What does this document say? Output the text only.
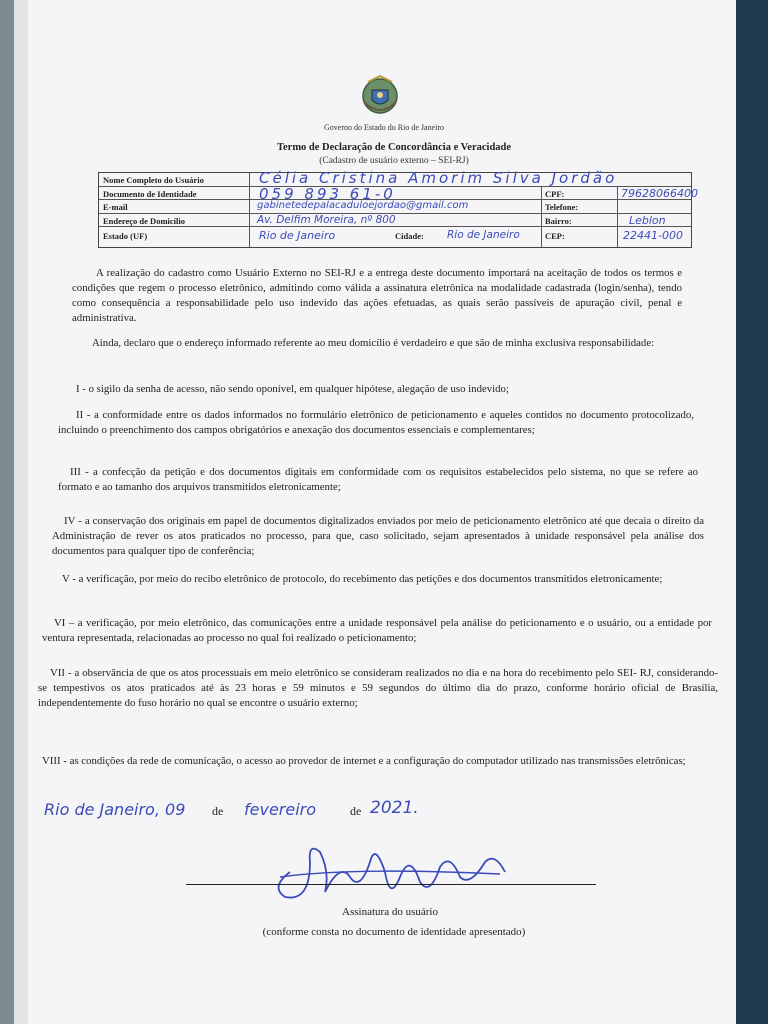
Governo do Estado do Rio de Janeiro
Termo de Declaração de Concordância e Veracidade
(Cadastro de usuário externo – SEI-RJ)
Nome Completo do Usuário	Célia Cristina Amorim Silva Jordão
Documento de Identidade	059 893 61-0	CPF:	79628066400
E-mail	gabinetedepalacaduloejordao@gmail.com	Telefone:
Endereço de Domicílio	Av. Delfim Moreira, nº 800	Bairro:	Leblon
Estado (UF)	Rio de Janeiro	Cidade: Rio de Janeiro	CEP:	22441-000

A realização do cadastro como Usuário Externo no SEI-RJ e a entrega deste documento importará na aceitação de todos os termos e condições que regem o processo eletrônico, admitindo como válida a assinatura eletrônica na modalidade cadastrada (login/senha), tendo como consequência a responsabilidade pelo uso indevido das ações efetuadas, as quais serão passíveis de apuração civil, penal e administrativa.

Ainda, declaro que o endereço informado referente ao meu domicílio é verdadeiro e que são de minha exclusiva responsabilidade:

I - o sigilo da senha de acesso, não sendo oponível, em qualquer hipótese, alegação de uso indevido;

II - a conformidade entre os dados informados no formulário eletrônico de peticionamento e aqueles contidos no documento protocolizado, incluindo o preenchimento dos campos obrigatórios e anexação dos documentos essenciais e complementares;

III - a confecção da petição e dos documentos digitais em conformidade com os requisitos estabelecidos pelo sistema, no que se refere ao formato e ao tamanho dos arquivos transmitidos eletronicamente;

IV - a conservação dos originais em papel de documentos digitalizados enviados por meio de peticionamento eletrônico até que decaia o direito da Administração de rever os atos praticados no processo, para que, caso solicitado, sejam apresentados à unidade responsável pela análise dos documentos para qualquer tipo de conferência;

V - a verificação, por meio do recibo eletrônico de protocolo, do recebimento das petições e dos documentos transmitidos eletronicamente;

VI – a verificação, por meio eletrônico, das comunicações entre a unidade responsável pela análise do peticionamento e o usuário, ou a entidade por ventura representada, relacionadas ao processo no qual foi realizado o peticionamento;

VII - a observância de que os atos processuais em meio eletrônico se consideram realizados no dia e na hora do recebimento pelo SEI- RJ, considerando-se tempestivos os atos praticados até às 23 horas e 59 minutos e 59 segundos do último dia do prazo, conforme horário oficial de Brasília, independentemente do fuso horário no qual se encontre o usuário externo;

VIII - as condições da rede de comunicação, o acesso ao provedor de internet e a configuração do computador utilizado nas transmissões eletrônicas;

Rio de Janeiro, 09 de fevereiro	de 2021.
Assinatura do usuário
(conforme consta no documento de identidade apresentado)
